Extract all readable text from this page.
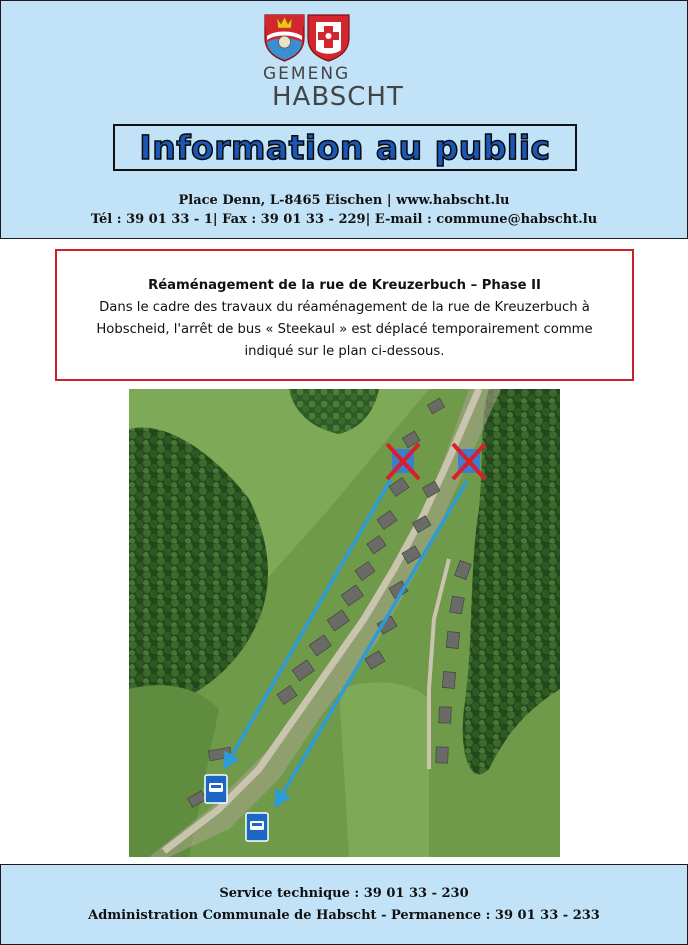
GEMENG
HABSCHT
Information au public
Place Denn, L-8465 Eischen | www.habscht.lu
Tél : 39 01 33 - 1| Fax : 39 01 33 - 229| E-mail : commune@habscht.lu
Réaménagement de la rue de Kreuzerbuch – Phase II
Dans le cadre des travaux du réaménagement de la rue de Kreuzerbuch à
Hobscheid, l'arrêt de bus « Steekaul » est déplacé temporairement comme
indiqué sur le plan ci-dessous.
Service technique : 39 01 33 - 230
Administration Communale de Habscht - Permanence : 39 01 33 - 233
